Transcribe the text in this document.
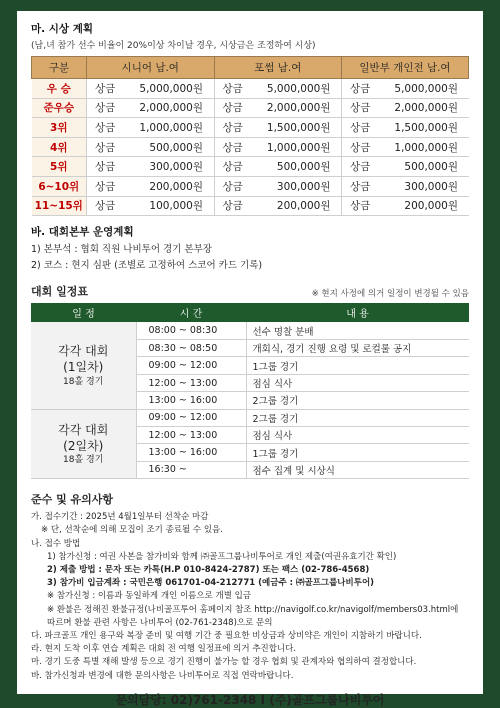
마. 시상 계획
(남,녀 참가 선수 비율이 20%이상 차이날 경우, 시상금은 조정하여 시상)
구분	시니어 남.여	포썸 남.여	일반부 개인전 남.여
우 승	상금 5,000,000원	상금 5,000,000원	상금 5,000,000원
준우승	상금 2,000,000원	상금 2,000,000원	상금 2,000,000원
3위	상금 1,000,000원	상금 1,500,000원	상금 1,500,000원
4위	상금 500,000원	상금 1,000,000원	상금 1,000,000원
5위	상금 300,000원	상금 500,000원	상금 500,000원
6~10위	상금 200,000원	상금 300,000원	상금 300,000원
11~15위	상금 100,000원	상금 200,000원	상금 200,000원
바. 대회본부 운영계획
1) 본부석 : 협회 직원 나비투어 경기 본부장
2) 코스 : 현지 심판 (조별로 고정하여 스코어 카드 기록)
대회 일정표	※ 현지 사정에 의거 일정이 변경될 수 있음
일 정	시 간	내 용

각각 대회
(1일차)
18홀 경기	08:00 ~ 08:30	선수 명찰 분배
	08:30 ~ 08:50	개회식, 경기 진행 요령 및 로컬룰 공지
	09:00 ~ 12:00	1그룹 경기
	12:00 ~ 13:00	점심 식사
	13:00 ~ 16:00	2그룹 경기

각각 대회
(2일차)
18홀 경기	09:00 ~ 12:00	2그룹 경기
	12:00 ~ 13:00	점심 식사
	13:00 ~ 16:00	1그룹 경기
	16:30 ~	점수 집계 및 시상식
준수 및 유의사항
가. 접수기간 : 2025년 4월1일부터 선착순 마감
※ 단, 선착순에 의해 모집이 조기 종료될 수 있음.
나. 접수 방법
1) 참가신청 : 여권 사본을 참가비와 함께 ㈜골프그룹나비투어로 개인 제출(여권유효기간 확인)
2) 제출 방법 : 문자 또는 카톡(H.P 010-8424-2787) 또는 팩스 (02-786-4568)
3) 참가비 입금계좌 : 국민은행 061701-04-212771 (예금주 : ㈜골프그룹나비투어)
※ 참가신청 : 이름과 동일하게 개인 이름으로 개별 입금
※ 환불은 정해진 환불규정(나비골프투어 홈페이지 참조 http://navigolf.co.kr/navigolf/members03.html에
따르며 환불 관련 사항은 나비투어 (02-761-2348)으로 문의
다. 파크골프 개인 용구와 복장 준비 및 여행 기간 중 필요한 비상금과 상비약은 개인이 지참하기 바랍니다.
라. 현지 도착 이후 연습 계획은 대회 전 여행 일정표에 의거 추진합니다.
마. 경기 도중 특별 재해 발생 등으로 경기 진행이 불가능 할 경우 협회 및 관계자와 협의하여 결정합니다.
바. 참가신청과 변경에 대한 문의사항은 나비투어로 직접 연락바랍니다.
문의담당: 02)761-2348 I (주)골프그룹나비투어
